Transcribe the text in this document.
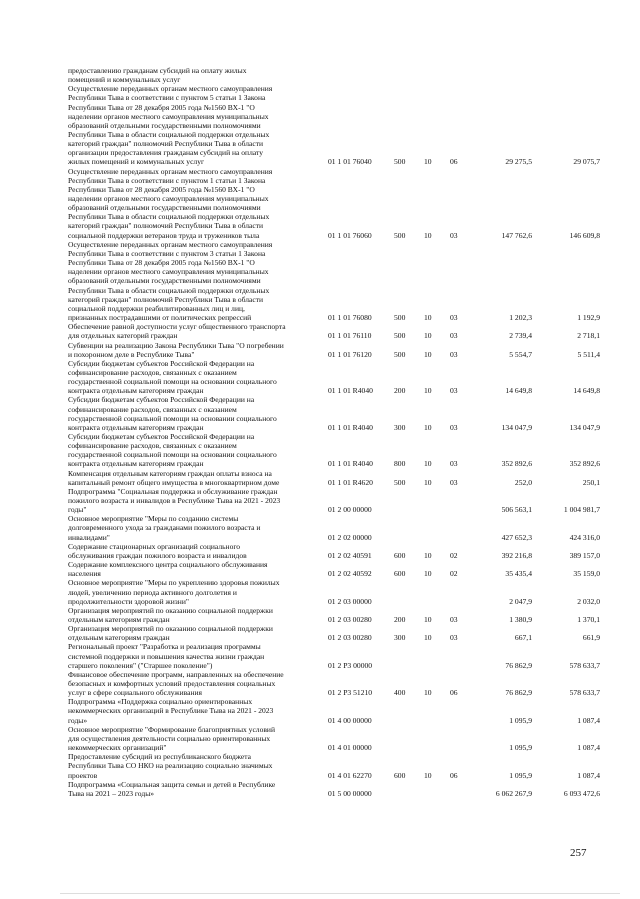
предоставлению гражданам субсидий на оплату жилых
помещений и коммунальных услуг
Осуществление переданных органам местного самоуправления
Республики Тыва в соответствии с пунктом 5 статьи 1 Закона
Республики Тыва от 28 декабря 2005 года №1560 ВХ-1 "О
наделении органов местного самоуправления муниципальных
образований отдельными государственными полномочиями
Республики Тыва в области социальной поддержки отдельных
категорий граждан" полномочий Республики Тыва в области
организации предоставления гражданам субсидий на оплату
жилых помещений и коммунальных услуг	01 1 01 76040	500	10	06	29 275,5	29 075,7
Осуществление переданных органам местного самоуправления
Республики Тыва в соответствии с пунктом 1 статьи 1 Закона
Республики Тыва от 28 декабря 2005 года №1560 ВХ-1 "О
наделении органов местного самоуправления муниципальных
образований отдельными государственными полномочиями
Республики Тыва в области социальной поддержки отдельных
категорий граждан" полномочий Республики Тыва в области
социальной поддержки ветеранов труда и тружеников тыла	01 1 01 76060	500	10	03	147 762,6	146 609,8
Осуществление переданных органам местного самоуправления
Республики Тыва в соответствии с пунктом 3 статьи 1 Закона
Республики Тыва от 28 декабря 2005 года №1560 ВХ-1 "О
наделении органов местного самоуправления муниципальных
образований отдельными государственными полномочиями
Республики Тыва в области социальной поддержки отдельных
категорий граждан" полномочий Республики Тыва в области
социальной поддержки реабилитированных лиц и лиц,
признанных пострадавшими от политических репрессий	01 1 01 76080	500	10	03	1 202,3	1 192,9
Обеспечение равной доступности услуг общественного транспорта
для отдельных категорий граждан	01 1 01 76110	500	10	03	2 739,4	2 718,1
Субвенции на реализацию Закона Республики Тыва "О погребении
и похоронном деле в Республике Тыва"	01 1 01 76120	500	10	03	5 554,7	5 511,4
Субсидии бюджетам субъектов Российской Федерации на
софинансирование расходов, связанных с оказанием
государственной социальной помощи на основании социального
контракта отдельным категориям граждан	01 1 01 R4040	200	10	03	14 649,8	14 649,8
Субсидии бюджетам субъектов Российской Федерации на
софинансирование расходов, связанных с оказанием
государственной социальной помощи на основании социального
контракта отдельным категориям граждан	01 1 01 R4040	300	10	03	134 047,9	134 047,9
Субсидии бюджетам субъектов Российской Федерации на
софинансирование расходов, связанных с оказанием
государственной социальной помощи на основании социального
контракта отдельным категориям граждан	01 1 01 R4040	800	10	03	352 892,6	352 892,6
Компенсация отдельным категориям граждан оплаты взноса на
капитальный ремонт общего имущества в многоквартирном доме	01 1 01 R4620	500	10	03	252,0	250,1
Подпрограмма "Социальная поддержка и обслуживание граждан
пожилого возраста и инвалидов в Республике Тыва на 2021 - 2023
годы"	01 2 00 00000	506 563,1	1 004 981,7
Основное мероприятие "Меры по созданию системы
долговременного ухода за гражданами пожилого возраста и
инвалидами"	01 2 02 00000	427 652,3	424 316,0
Содержание стационарных организаций социального
обслуживания граждан пожилого возраста и инвалидов	01 2 02 40591	600	10	02	392 216,8	389 157,0
Содержание комплексного центра социального обслуживания
населения	01 2 02 40592	600	10	02	35 435,4	35 159,0
Основное мероприятие "Меры по укреплению здоровья пожилых
людей, увеличению периода активного долголетия и
продолжительности здоровой жизни"	01 2 03 00000	2 047,9	2 032,0
Организация мероприятий по оказанию социальной поддержки
отдельным категориям граждан	01 2 03 00280	200	10	03	1 380,9	1 370,1
Организация мероприятий по оказанию социальной поддержки
отдельным категориям граждан	01 2 03 00280	300	10	03	667,1	661,9
Региональный проект "Разработка и реализация программы
системной поддержки и повышения качества жизни граждан
старшего поколения" ("Старшее поколение")	01 2 P3 00000	76 862,9	578 633,7
Финансовое обеспечение программ, направленных на обеспечение
безопасных и комфортных условий предоставления социальных
услуг в сфере социального обслуживания	01 2 P3 51210	400	10	06	76 862,9	578 633,7
Подпрограмма «Поддержка социально ориентированных
некоммерческих организаций в Республике Тыва на 2021 - 2023
годы»	01 4 00 00000	1 095,9	1 087,4
Основное мероприятие "Формирование благоприятных условий
для осуществления деятельности социально ориентированных
некоммерческих организаций"	01 4 01 00000	1 095,9	1 087,4
Предоставление субсидий из республиканского бюджета
Республики Тыва СО НКО на реализацию социально значимых
проектов	01 4 01 62270	600	10	06	1 095,9	1 087,4
Подпрограмма «Социальная защита семьи и детей в Республике
Тыва на 2021 – 2023 годы»	01 5 00 00000	6 062 267,9	6 093 472,6
257
